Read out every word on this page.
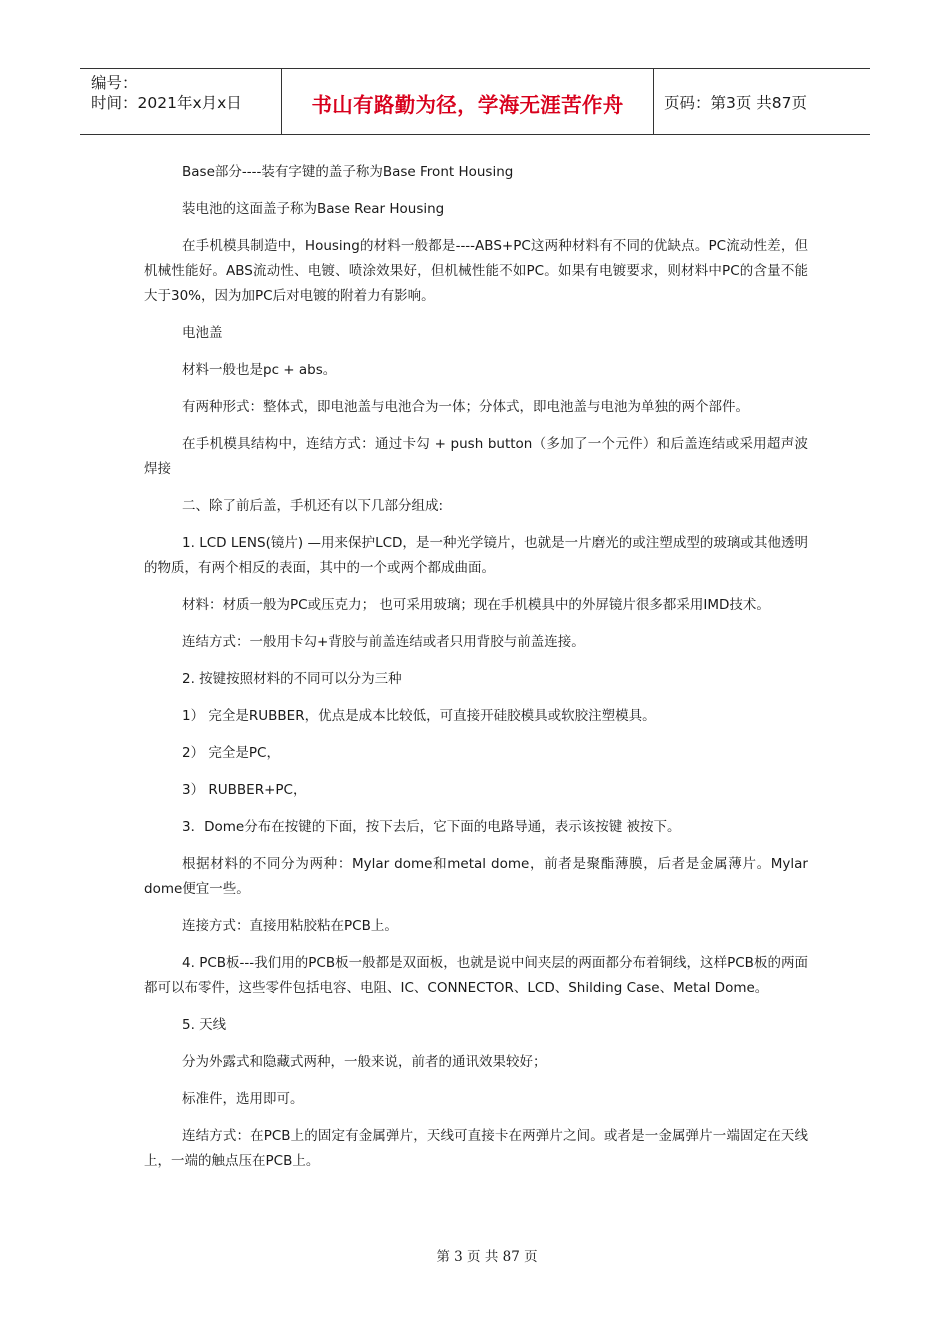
编号：
时间：2021年x月x日	书山有路勤为径，学海无涯苦作舟	页码：第3页 共87页

Base部分----装有字键的盖子称为Base Front Housing

装电池的这面盖子称为Base Rear Housing

在手机模具制造中，Housing的材料一般都是----ABS+PC这两种材料有不同的优缺点。PC流动性差，但机械性能好。ABS流动性、电镀、喷涂效果好，但机械性能不如PC。如果有电镀要求，则材料中PC的含量不能大于30%，因为加PC后对电镀的附着力有影响。

电池盖

材料一般也是pc + abs。

有两种形式：整体式，即电池盖与电池合为一体；分体式，即电池盖与电池为单独的两个部件。

在手机模具结构中，连结方式：通过卡勾 + push button（多加了一个元件）和后盖连结或采用超声波焊接

二、除了前后盖，手机还有以下几部分组成:

1. LCD LENS(镜片) —用来保护LCD，是一种光学镜片，也就是一片磨光的或注塑成型的玻璃或其他透明的物质，有两个相反的表面，其中的一个或两个都成曲面。

材料：材质一般为PC或压克力； 也可采用玻璃；现在手机模具中的外屏镜片很多都采用IMD技术。

连结方式：一般用卡勾+背胶与前盖连结或者只用背胶与前盖连接。

2. 按键按照材料的不同可以分为三种

1） 完全是RUBBER，优点是成本比较低，可直接开硅胶模具或软胶注塑模具。

2） 完全是PC，

3） RUBBER+PC，

3．Dome分布在按键的下面，按下去后，它下面的电路导通，表示该按键 被按下。

根据材料的不同分为两种：Mylar dome和metal dome，前者是聚酯薄膜，后者是金属薄片。Mylar dome便宜一些。

连接方式：直接用粘胶粘在PCB上。

4. PCB板---我们用的PCB板一般都是双面板，也就是说中间夹层的两面都分布着铜线，这样PCB板的两面都可以布零件，这些零件包括电容、电阻、IC、CONNECTOR、LCD、Shilding Case、Metal Dome。

5. 天线

分为外露式和隐藏式两种，一般来说，前者的通讯效果较好；

标准件，选用即可。

连结方式：在PCB上的固定有金属弹片，天线可直接卡在两弹片之间。或者是一金属弹片一端固定在天线上，一端的触点压在PCB上。

第 3 页 共 87 页
